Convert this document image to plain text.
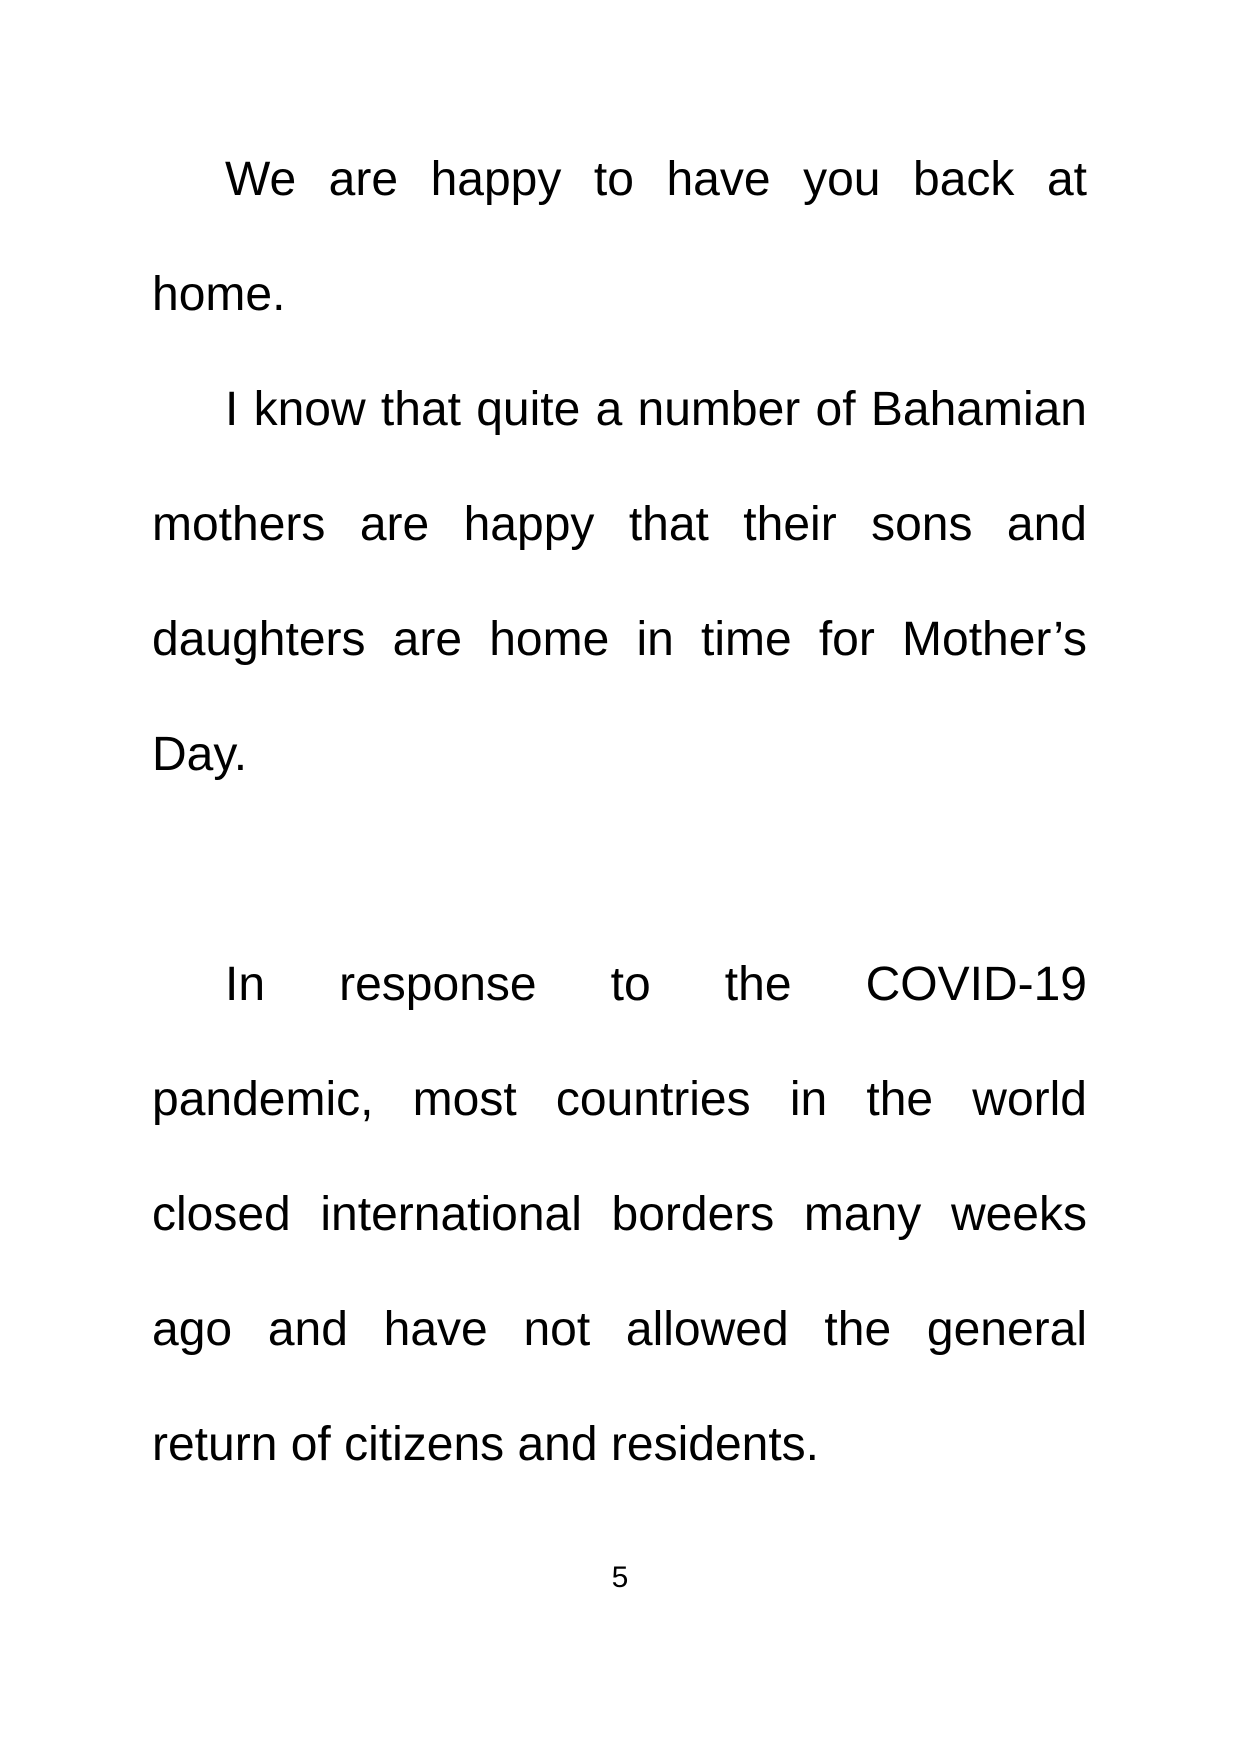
We are happy to have you back at
home.
I know that quite a number of Bahamian
mothers are happy that their sons and
daughters are home in time for Mother’s
Day.
In response to the COVID-19
pandemic, most countries in the world
closed international borders many weeks
ago and have not allowed the general
return of citizens and residents.
5
